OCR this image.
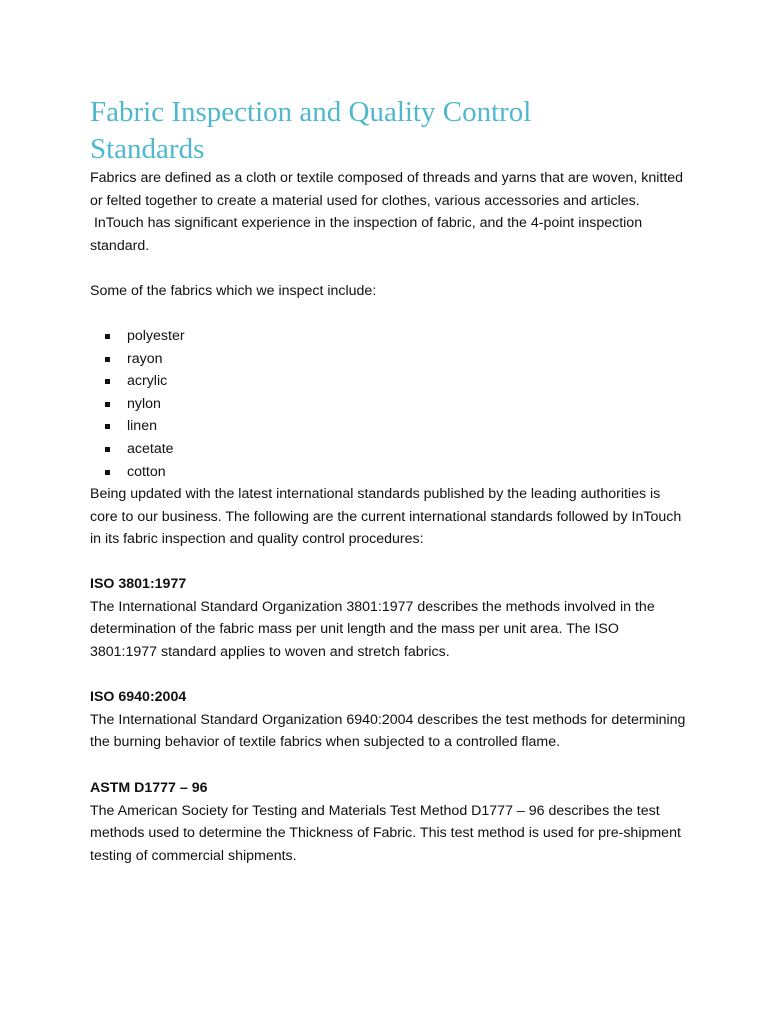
Fabric Inspection and Quality Control
Standards
Fabrics are defined as a cloth or textile composed of threads and yarns that are woven, knitted
or felted together to create a material used for clothes, various accessories and articles.
InTouch has significant experience in the inspection of fabric, and the 4-point inspection
standard.
Some of the fabrics which we inspect include:
polyester
rayon
acrylic
nylon
linen
acetate
cotton
Being updated with the latest international standards published by the leading authorities is
core to our business. The following are the current international standards followed by InTouch
in its fabric inspection and quality control procedures:
ISO 3801:1977
The International Standard Organization 3801:1977 describes the methods involved in the
determination of the fabric mass per unit length and the mass per unit area. The ISO
3801:1977 standard applies to woven and stretch fabrics.
ISO 6940:2004
The International Standard Organization 6940:2004 describes the test methods for determining
the burning behavior of textile fabrics when subjected to a controlled flame.
ASTM D1777 – 96
The American Society for Testing and Materials Test Method D1777 – 96 describes the test
methods used to determine the Thickness of Fabric. This test method is used for pre-shipment
testing of commercial shipments.
